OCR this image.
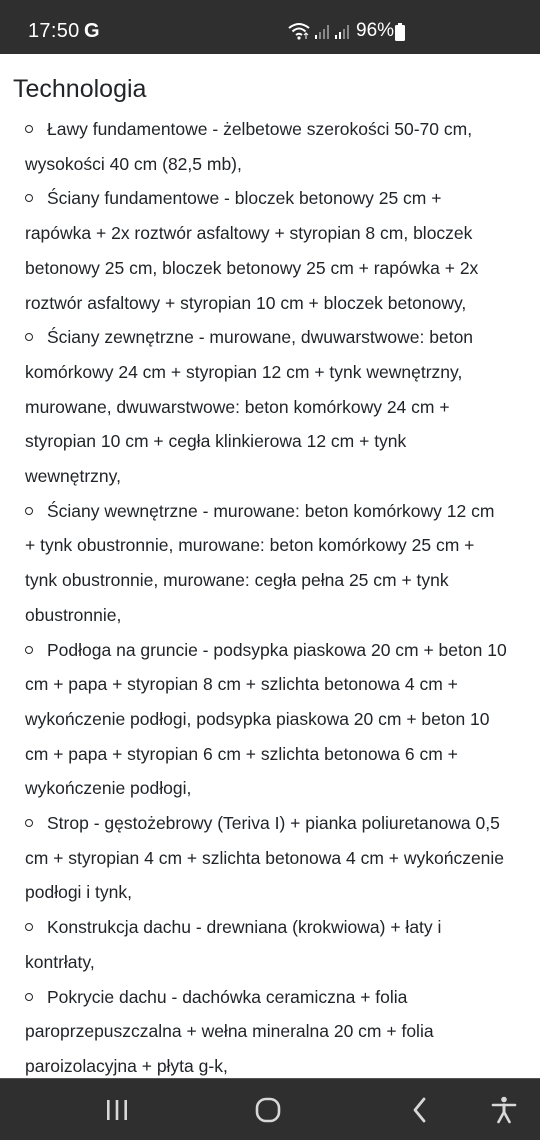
17:50 G	96%
Technologia
Ławy fundamentowe - żelbetowe szerokości 50-70 cm, wysokości 40 cm (82,5 mb),
Ściany fundamentowe - bloczek betonowy 25 cm + rapówka + 2x roztwór asfaltowy + styropian 8 cm, bloczek betonowy 25 cm, bloczek betonowy 25 cm + rapówka + 2x roztwór asfaltowy + styropian 10 cm + bloczek betonowy,
Ściany zewnętrzne - murowane, dwuwarstwowe: beton komórkowy 24 cm + styropian 12 cm + tynk wewnętrzny, murowane, dwuwarstwowe: beton komórkowy 24 cm + styropian 10 cm + cegła klinkierowa 12 cm + tynk wewnętrzny,
Ściany wewnętrzne - murowane: beton komórkowy 12 cm + tynk obustronnie, murowane: beton komórkowy 25 cm + tynk obustronnie, murowane: cegła pełna 25 cm + tynk obustronnie,
Podłoga na gruncie - podsypka piaskowa 20 cm + beton 10 cm + papa + styropian 8 cm + szlichta betonowa 4 cm + wykończenie podłogi, podsypka piaskowa 20 cm + beton 10 cm + papa + styropian 6 cm + szlichta betonowa 6 cm + wykończenie podłogi,
Strop - gęstożebrowy (Teriva I) + pianka poliuretanowa 0,5 cm + styropian 4 cm + szlichta betonowa 4 cm + wykończenie podłogi i tynk,
Konstrukcja dachu - drewniana (krokwiowa) + łaty i kontrłaty,
Pokrycie dachu - dachówka ceramiczna + folia paroprzepuszczalna + wełna mineralna 20 cm + folia paroizolacyjna + płyta g-k,
